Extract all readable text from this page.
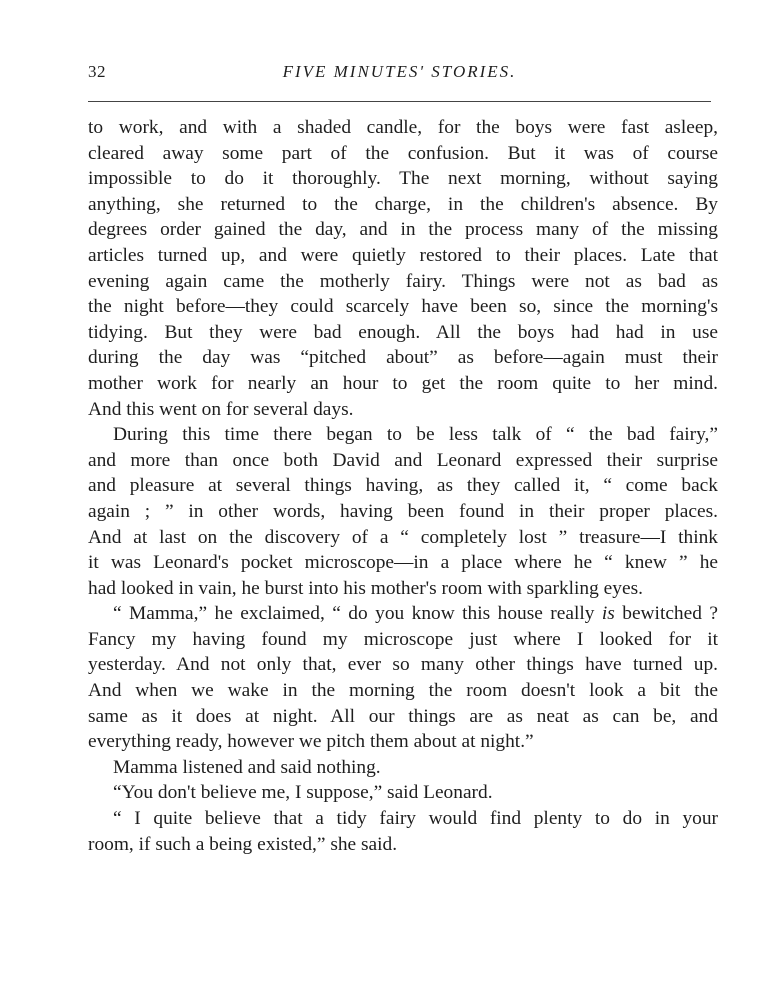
32	FIVE MINUTES' STORIES.
to work, and with a shaded candle, for the boys were fast asleep,
cleared away some part of the confusion. But it was of course
impossible to do it thoroughly. The next morning, without saying
anything, she returned to the charge, in the children's absence. By
degrees order gained the day, and in the process many of the missing
articles turned up, and were quietly restored to their places. Late that
evening again came the motherly fairy. Things were not as bad as
the night before—they could scarcely have been so, since the morning's
tidying. But they were bad enough. All the boys had had in use
during the day was “pitched about” as before—again must their
mother work for nearly an hour to get the room quite to her mind.
And this went on for several days.
During this time there began to be less talk of “ the bad fairy,”
and more than once both David and Leonard expressed their surprise
and pleasure at several things having, as they called it, “ come back
again ; ” in other words, having been found in their proper places.
And at last on the discovery of a “ completely lost ” treasure—I think
it was Leonard's pocket microscope—in a place where he “ knew ” he
had looked in vain, he burst into his mother's room with sparkling eyes.
“ Mamma,” he exclaimed, “ do you know this house really is bewitched ?
Fancy my having found my microscope just where I looked for it
yesterday. And not only that, ever so many other things have turned up.
And when we wake in the morning the room doesn't look a bit the
same as it does at night. All our things are as neat as can be, and
everything ready, however we pitch them about at night.”
Mamma listened and said nothing.
“You don't believe me, I suppose,” said Leonard.
“ I quite believe that a tidy fairy would find plenty to do in your
room, if such a being existed,” she said.
